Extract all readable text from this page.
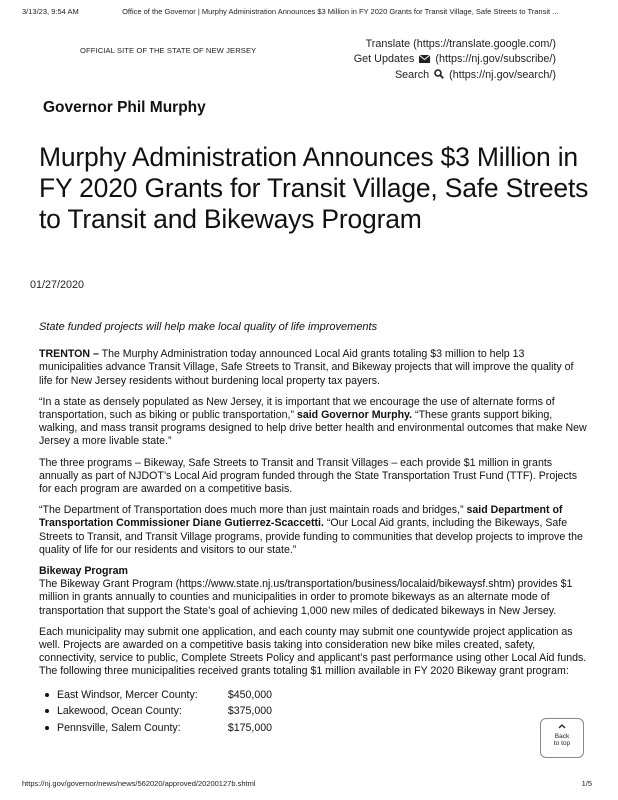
3/13/23, 9:54 AM	Office of the Governor | Murphy Administration Announces $3 Million in FY 2020 Grants for Transit Village, Safe Streets to Transit ...
OFFICIAL SITE OF THE STATE OF NEW JERSEY
Translate (https://translate.google.com/)
Get Updates (https://nj.gov/subscribe/)
Search (https://nj.gov/search/)
Governor Phil Murphy
Murphy Administration Announces $3 Million in FY 2020 Grants for Transit Village, Safe Streets to Transit and Bikeways Program
01/27/2020

State funded projects will help make local quality of life improvements

TRENTON – The Murphy Administration today announced Local Aid grants totaling $3 million to help 13 municipalities advance Transit Village, Safe Streets to Transit, and Bikeway projects that will improve the quality of life for New Jersey residents without burdening local property tax payers.

“In a state as densely populated as New Jersey, it is important that we encourage the use of alternate forms of transportation, such as biking or public transportation,” said Governor Murphy. “These grants support biking, walking, and mass transit programs designed to help drive better health and environmental outcomes that make New Jersey a more livable state.”

The three programs – Bikeway, Safe Streets to Transit and Transit Villages – each provide $1 million in grants annually as part of NJDOT’s Local Aid program funded through the State Transportation Trust Fund (TTF). Projects for each program are awarded on a competitive basis.

“The Department of Transportation does much more than just maintain roads and bridges,” said Department of Transportation Commissioner Diane Gutierrez-Scaccetti. “Our Local Aid grants, including the Bikeways, Safe Streets to Transit, and Transit Village programs, provide funding to communities that develop projects to improve the quality of life for our residents and visitors to our state.”

Bikeway Program

The Bikeway Grant Program (https://www.state.nj.us/transportation/business/localaid/bikewaysf.shtm) provides $1 million in grants annually to counties and municipalities in order to promote bikeways as an alternate mode of transportation that support the State’s goal of achieving 1,000 new miles of dedicated bikeways in New Jersey.

Each municipality may submit one application, and each county may submit one countywide project application as well. Projects are awarded on a competitive basis taking into consideration new bike miles created, safety, connectivity, service to public, Complete Streets Policy and applicant’s past performance using other Local Aid funds. The following three municipalities received grants totaling $1 million available in FY 2020 Bikeway grant program:

East Windsor, Mercer County:	$450,000
Lakewood, Ocean County:	$375,000
Pennsville, Salem County:	$175,000
Back
to top
https://nj.gov/governor/news/news/562020/approved/20200127b.shtml	1/5
